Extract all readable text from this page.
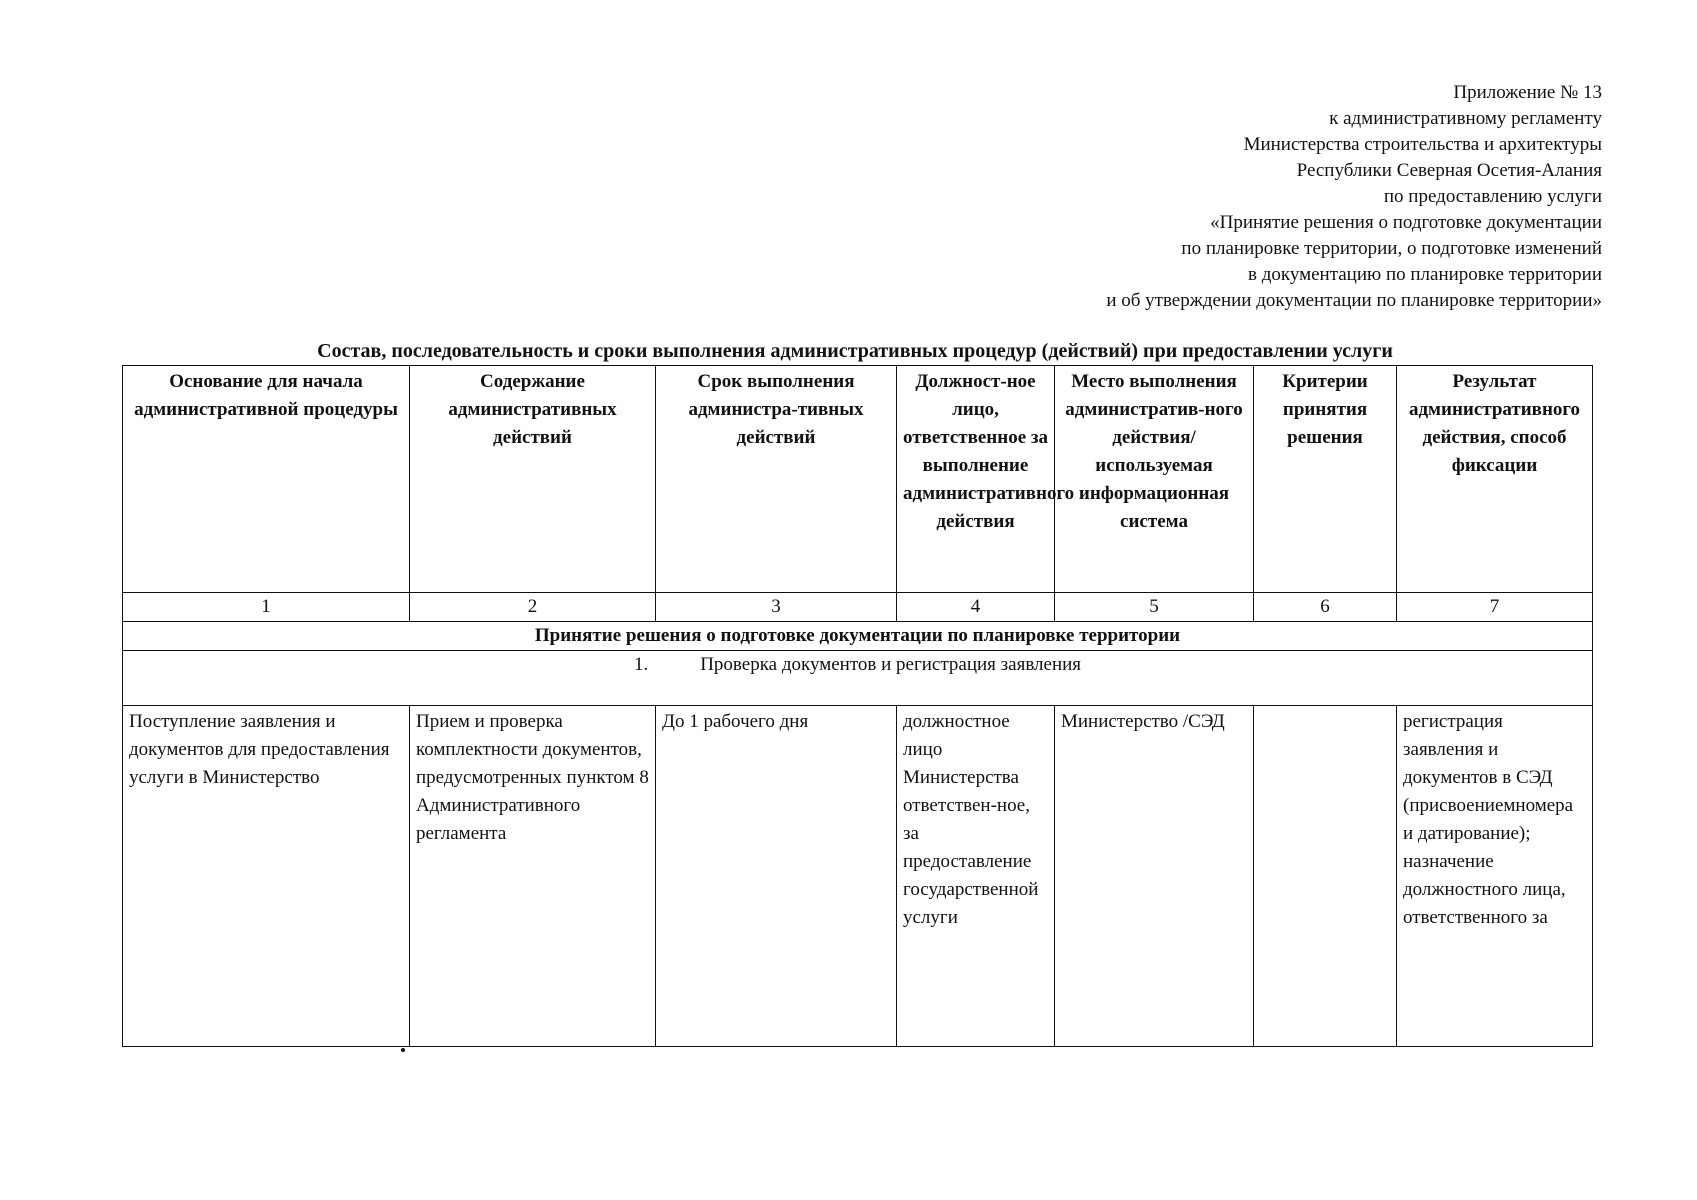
Приложение № 13
к административному регламенту
Министерства строительства и архитектуры
Республики Северная Осетия-Алания
по предоставлению услуги
«Принятие решения о подготовке документации
по планировке территории, о подготовке изменений
в документацию по планировке территории
и об утверждении документации по планировке территории»
Состав, последовательность и сроки выполнения административных процедур (действий) при предоставлении услуги
Основание для начала административной процедуры	Содержание административных действий	Срок выполнения администра-тивных действий	Должност-ное лицо, ответственное за выполнение административного действия	Место выполнения административ-ного действия/ используемая информационная система	Критерии принятия решения	Результат административного действия, способ фиксации
1	2	3	4	5	6	7
Принятие решения о подготовке документации по планировке территории						
1. Проверка документов и регистрация заявления						
Поступление заявления и документов для предоставления услуги в Министерство	Прием и проверка комплектности документов, предусмотренных пунктом 8 Административного регламента	До 1 рабочего дня	должностное лицо Министерства ответствен-ное, за предоставление государственной услуги	Министерство /СЭД		регистрация заявления и документов в СЭД (присвоениемномера и датирование); назначение должностного лица, ответственного за
